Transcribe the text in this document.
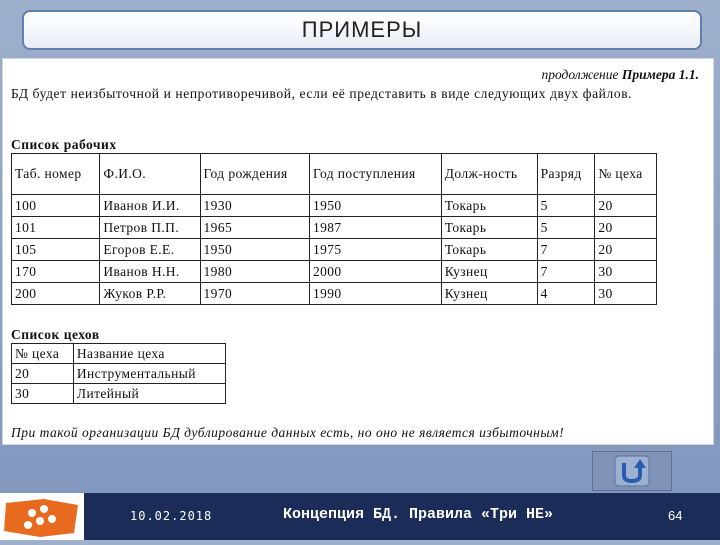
ПРИМЕРЫ
продолжение Примера 1.1.
БД будет неизбыточной и непротиворечивой, если её представить в виде следующих двух файлов.
Список рабочих
Таб. номер	Ф.И.О.	Год рождения	Год поступления	Долж-ность	Разряд	№ цеха
100	Иванов И.И.	1930	1950	Токарь	5	20
101	Петров П.П.	1965	1987	Токарь	5	20
105	Егоров Е.Е.	1950	1975	Токарь	7	20
170	Иванов Н.Н.	1980	2000	Кузнец	7	30
200	Жуков Р.Р.	1970	1990	Кузнец	4	30
Список цехов
№ цеха	Название цеха
20	Инструментальный
30	Литейный
При такой организации БД дублирование данных есть, но оно не является избыточным!
10.02.2018	Концепция БД. Правила «Три НЕ»	64
